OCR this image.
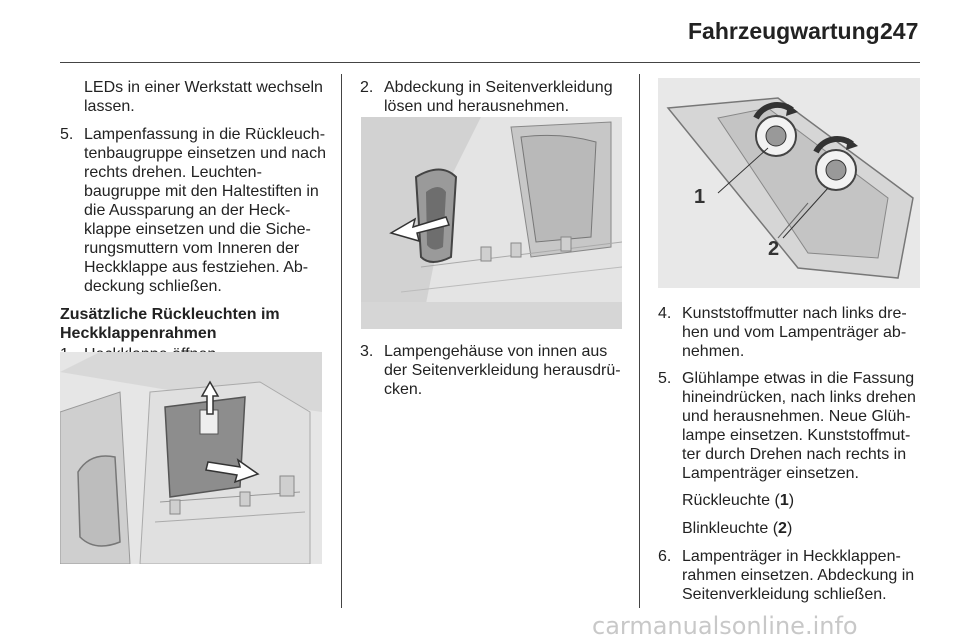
Fahrzeugwartung 247

LEDs in einer Werkstatt wechseln lassen.

5. Lampenfassung in die Rückleuch-tenbaugruppe einsetzen und nach rechts drehen. Leuchten-baugruppe mit den Haltestiften in die Aussparung an der Heck-klappe einsetzen und die Siche-rungsmuttern vom Inneren der Heckklappe aus festziehen. Ab-deckung schließen.

Zusätzliche Rückleuchten im Heckklappenrahmen

2. Abdeckung in Seitenverkleidung lösen und herausnehmen.

3. Lampengehäuse von innen aus der Seitenverkleidung herausdrü-cken.

1
2
4. Kunststoffmutter nach links dre-hen und vom Lampenträger ab-nehmen.

5. Glühlampe etwas in die Fassung hineindrücken, nach links drehen und herausnehmen. Neue Glüh-lampe einsetzen. Kunststoffmut-ter durch Drehen nach rechts in Lampenträger einsetzen.

Rückleuchte (1)

Blinkleuchte (2)

6. Lampenträger in Heckklappen-rahmen einsetzen. Abdeckung in Seitenverkleidung schließen.

carmanualsonline.info
